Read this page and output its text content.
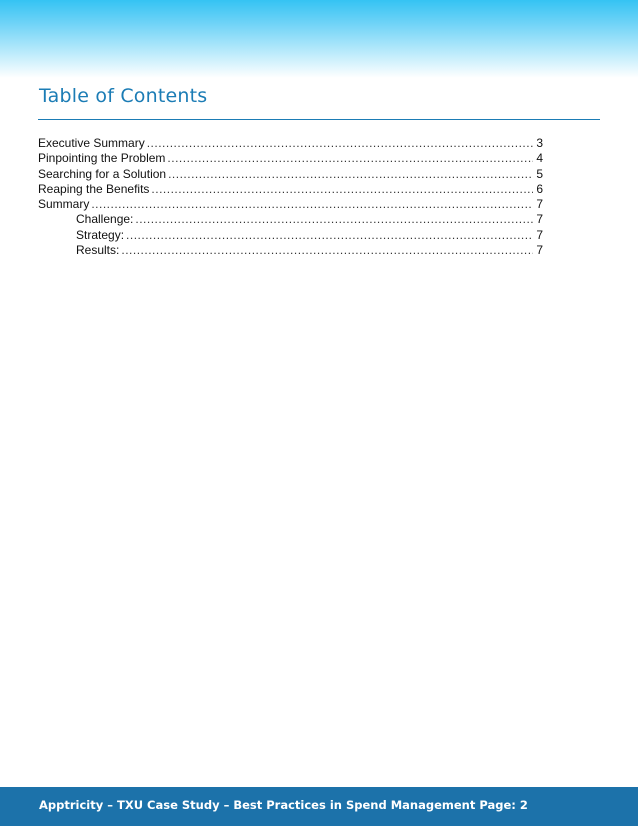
Table of Contents
Executive Summary .....	3
Pinpointing the Problem .....	4
Searching for a Solution .....	5
Reaping the Benefits .....	6
Summary .....	7
Challenge: .....	7
Strategy: .....	7
Results: .....	7
Apptricity – TXU Case Study – Best Practices in Spend Management Page: 2
